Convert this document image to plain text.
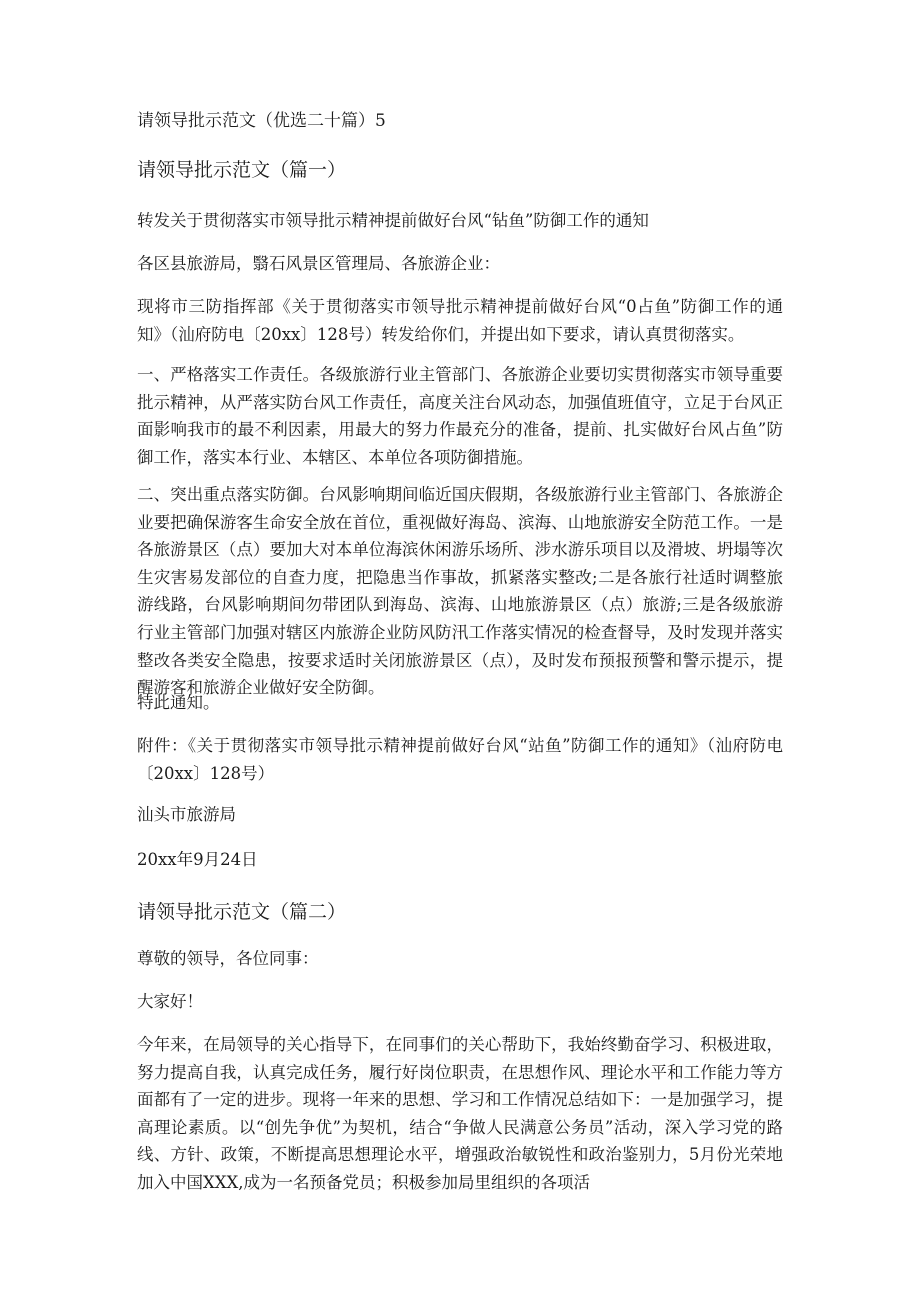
请领导批示范文（优选二十篇）5
请领导批示范文（篇一）

转发关于贯彻落实市领导批示精神提前做好台风“钻鱼”防御工作的通知

各区县旅游局，翳石风景区管理局、各旅游企业：

现将市三防指挥部《关于贯彻落实市领导批示精神提前做好台风“0占鱼”防御工作的通知》（汕府防电〔20xx〕128号）转发给你们，并提出如下要求，请认真贯彻落实。

一、严格落实工作责任。各级旅游行业主管部门、各旅游企业要切实贯彻落实市领导重要批示精神，从严落实防台风工作责任，高度关注台风动态，加强值班值守，立足于台风正面影响我市的最不利因素，用最大的努力作最充分的准备，提前、扎实做好台风占鱼”防御工作，落实本行业、本辖区、本单位各项防御措施。

二、突出重点落实防御。台风影响期间临近国庆假期，各级旅游行业主管部门、各旅游企业要把确保游客生命安全放在首位，重视做好海岛、滨海、山地旅游安全防范工作。一是各旅游景区（点）要加大对本单位海滨休闲游乐场所、涉水游乐项目以及滑坡、坍塌等次生灾害易发部位的自查力度，把隐患当作事故，抓紧落实整改;二是各旅行社适时调整旅游线路，台风影响期间勿带团队到海岛、滨海、山地旅游景区（点）旅游;三是各级旅游行业主管部门加强对辖区内旅游企业防风防汛工作落实情况的检查督导，及时发现并落实整改各类安全隐患，按要求适时关闭旅游景区（点），及时发布预报预警和警示提示，提醒游客和旅游企业做好安全防御。

特此通知。

附件：《关于贯彻落实市领导批示精神提前做好台风“站鱼”防御工作的通知》（汕府防电〔20xx〕128号）

汕头市旅游局

20xx年9月24日

请领导批示范文（篇二）

尊敬的领导，各位同事：

大家好！

今年来，在局领导的关心指导下，在同事们的关心帮助下，我始终勤奋学习、积极进取，努力提高自我，认真完成任务，履行好岗位职责，在思想作风、理论水平和工作能力等方面都有了一定的进步。现将一年来的思想、学习和工作情况总结如下：一是加强学习，提高理论素质。以“创先争优”为契机，结合“争做人民满意公务员”活动，深入学习党的路线、方针、政策，不断提高思想理论水平，增强政治敏锐性和政治鉴别力，5月份光荣地加入中国XXX,成为一名预备党员；积极参加局里组织的各项活
